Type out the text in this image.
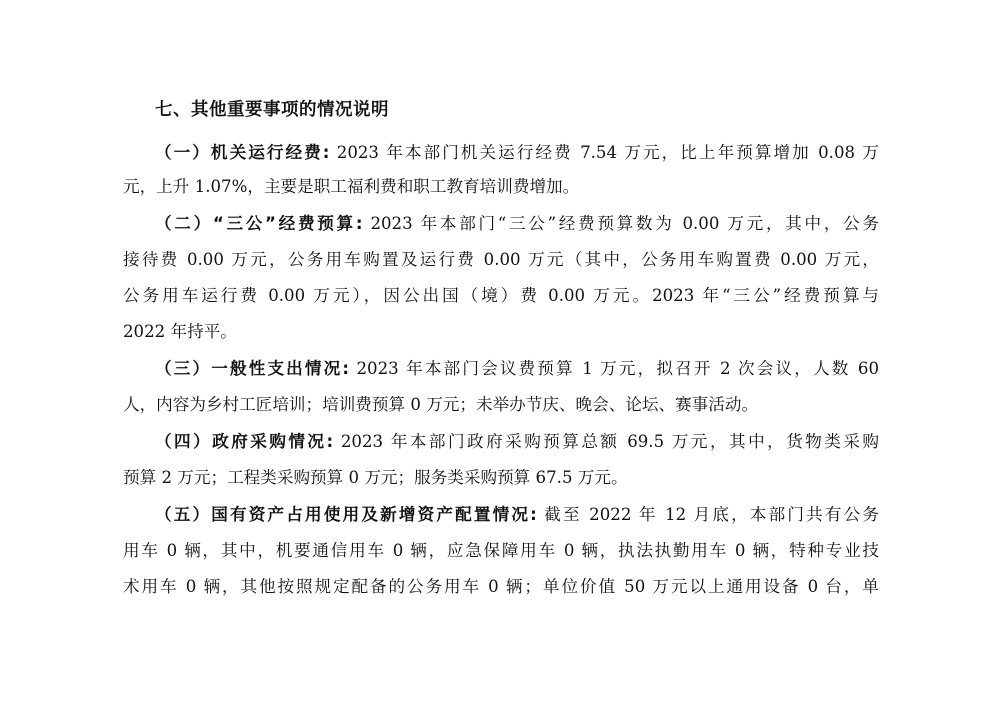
七、其他重要事项的情况说明
（一）机关运行经费: 2023 年本部门机关运行经费 7.54 万元，比上年预算增加 0.08 万
元，上升 1.07%，主要是职工福利费和职工教育培训费增加。
（二）“三公”经费预算: 2023 年本部门“三公”经费预算数为 0.00 万元，其中，公务
接待费 0.00 万元，公务用车购置及运行费 0.00 万元（其中，公务用车购置费 0.00 万元，
公务用车运行费 0.00 万元），因公出国（境）费 0.00 万元。2023 年“三公”经费预算与
2022 年持平。
（三）一般性支出情况: 2023 年本部门会议费预算 1 万元，拟召开 2 次会议，人数 60
人，内容为乡村工匠培训；培训费预算 0 万元；未举办节庆、晚会、论坛、赛事活动。
（四）政府采购情况: 2023 年本部门政府采购预算总额 69.5 万元，其中，货物类采购
预算 2 万元；工程类采购预算 0 万元；服务类采购预算 67.5 万元。
（五）国有资产占用使用及新增资产配置情况: 截至 2022 年 12 月底，本部门共有公务
用车 0 辆，其中，机要通信用车 0 辆，应急保障用车 0 辆，执法执勤用车 0 辆，特种专业技
术用车 0 辆，其他按照规定配备的公务用车 0 辆；单位价值 50 万元以上通用设备 0 台，单
